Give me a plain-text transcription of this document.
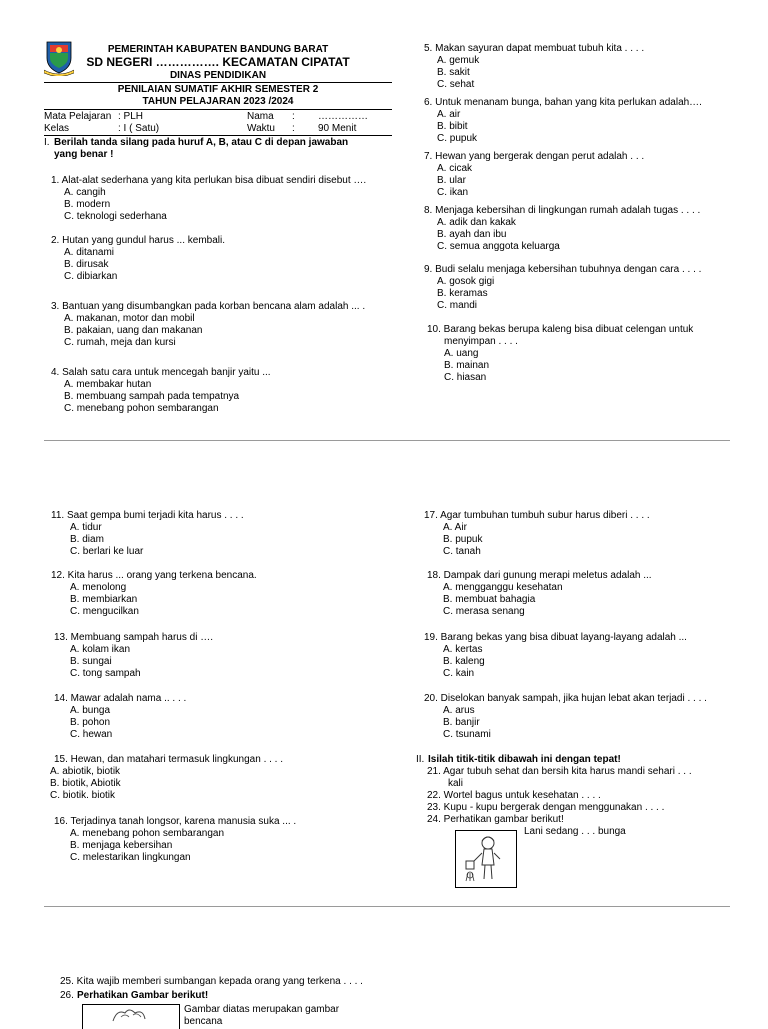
PEMERINTAH KABUPATEN BANDUNG BARAT
SD NEGERI ……………. KECAMATAN CIPATAT
DINAS PENDIDIKAN
PENILAIAN SUMATIF AKHIR SEMESTER 2
TAHUN PELAJARAN 2023 /2024
Mata Pelajaran : PLH
Kelas	: I ( Satu)
Nama : ……………
Waktu : 90 Menit
I. Berilah tanda silang pada huruf A, B, atau C di depan jawaban
yang benar !
1. Alat-alat sederhana yang kita perlukan bisa dibuat sendiri disebut ….
A. cangih
B. modern
C. teknologi sederhana
2. Hutan yang gundul harus ... kembali.
A. ditanami
B. dirusak
C. dibiarkan
3. Bantuan yang disumbangkan pada korban bencana alam adalah ... .
A. makanan, motor dan mobil
B. pakaian, uang dan makanan
C. rumah, meja dan kursi
4. Salah satu cara untuk mencegah banjir yaitu ...
A. membakar hutan
B. membuang sampah pada tempatnya
C. menebang pohon sembarangan
5. Makan sayuran dapat membuat tubuh kita . . . .
A. gemuk
B. sakit
C. sehat
6. Untuk menanam bunga, bahan yang kita perlukan adalah….
A. air
B. bibit
C. pupuk
7. Hewan yang bergerak dengan perut adalah . . .
A. cicak
B. ular
C. ikan
8. Menjaga kebersihan di lingkungan rumah adalah tugas . . . .
A. adik dan kakak
B. ayah dan ibu
C. semua anggota keluarga
9. Budi selalu menjaga kebersihan tubuhnya dengan cara . . . .
A. gosok gigi
B. keramas
C. mandi
10. Barang bekas berupa kaleng bisa dibuat celengan untuk
menyimpan . . . .
A. uang
B. mainan
C. hiasan
11. Saat gempa bumi terjadi kita harus . . . .
A. tidur
B. diam
C. berlari ke luar
12. Kita harus ... orang yang terkena bencana.
A. menolong
B. membiarkan
C. mengucilkan
13. Membuang sampah harus di ….
A. kolam ikan
B. sungai
C. tong sampah
14. Mawar adalah nama .. . . .
A. bunga
B. pohon
C. hewan
15. Hewan, dan matahari termasuk lingkungan . . . .
A. abiotik, biotik
B. biotik, Abiotik
C. biotik. biotik
16. Terjadinya tanah longsor, karena manusia suka ... .
A. menebang pohon sembarangan
B. menjaga kebersihan
C. melestarikan lingkungan
17. Agar tumbuhan tumbuh subur harus diberi . . . .
A. Air
B. pupuk
C. tanah
18. Dampak dari gunung merapi meletus adalah ...
A. mengganggu kesehatan
B. membuat bahagia
C. merasa senang
19. Barang bekas yang bisa dibuat layang-layang adalah ...
A. kertas
B. kaleng
C. kain
20. Diselokan banyak sampah, jika hujan lebat akan terjadi . . . .
A. arus
B. banjir
C. tsunami
II. Isilah titik-titik dibawah ini dengan tepat!
21. Agar tubuh sehat dan bersih kita harus mandi sehari . . .
kali
22. Wortel bagus untuk kesehatan . . . .
23. Kupu - kupu bergerak dengan menggunakan . . . .
24. Perhatikan gambar berikut!
Lani sedang . . . bunga
25. Kita wajib memberi sumbangan kepada orang yang terkena . . . .
26. Perhatikan Gambar berikut!
Gambar diatas merupakan gambar
bencana
